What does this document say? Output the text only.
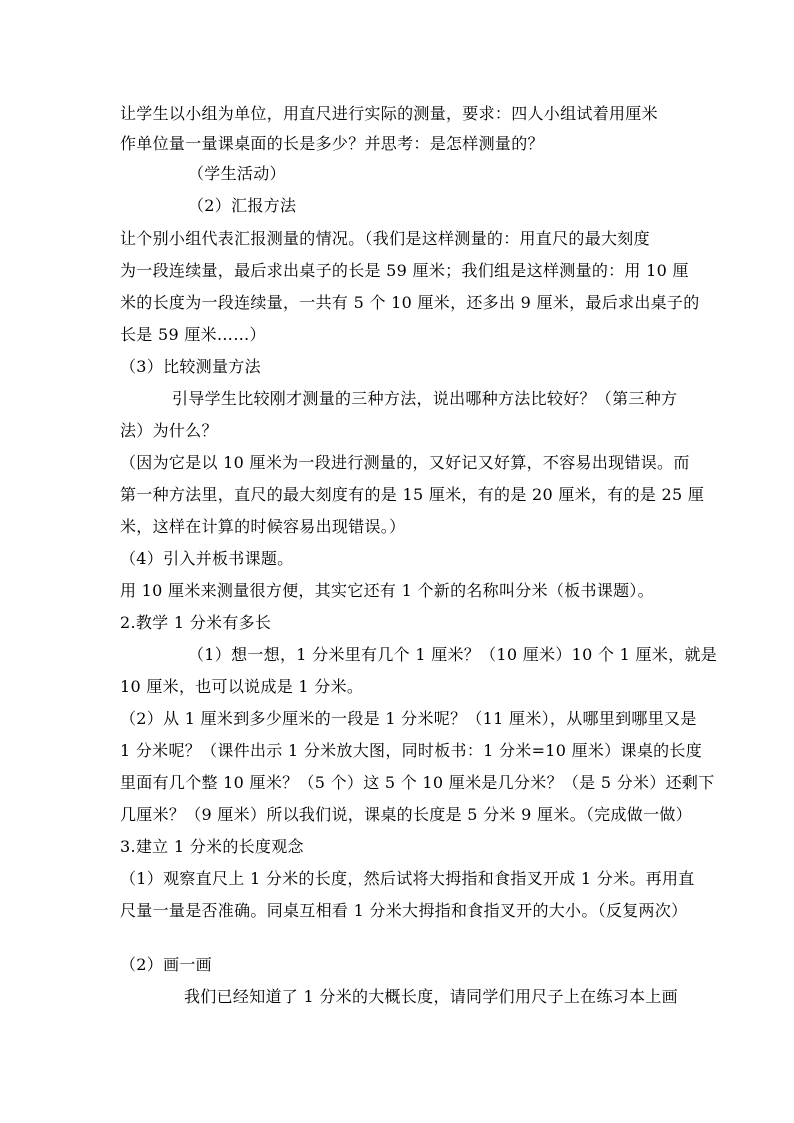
让学生以小组为单位，用直尺进行实际的测量，要求：四人小组试着用厘米
作单位量一量课桌面的长是多少？并思考：是怎样测量的？
（学生活动）
（2）汇报方法
让个别小组代表汇报测量的情况。（我们是这样测量的：用直尺的最大刻度
为一段连续量，最后求出桌子的长是 59 厘米；我们组是这样测量的：用 10 厘
米的长度为一段连续量，一共有 5 个 10 厘米，还多出 9 厘米，最后求出桌子的
长是 59 厘米……）
（3）比较测量方法
引导学生比较刚才测量的三种方法，说出哪种方法比较好？（第三种方
法）为什么？
（因为它是以 10 厘米为一段进行测量的，又好记又好算，不容易出现错误。而
第一种方法里，直尺的最大刻度有的是 15 厘米，有的是 20 厘米，有的是 25 厘
米，这样在计算的时候容易出现错误。）
（4）引入并板书课题。
用 10 厘米来测量很方便，其实它还有 1 个新的名称叫分米（板书课题）。
2.教学 1 分米有多长
（1）想一想，1 分米里有几个 1 厘米？（10 厘米）10 个 1 厘米，就是
10 厘米，也可以说成是 1 分米。
（2）从 1 厘米到多少厘米的一段是 1 分米呢？（11 厘米），从哪里到哪里又是
1 分米呢？（课件出示 1 分米放大图，同时板书：1 分米=10 厘米）课桌的长度
里面有几个整 10 厘米？（5 个）这 5 个 10 厘米是几分米？（是 5 分米）还剩下
几厘米？（9 厘米）所以我们说，课桌的长度是 5 分米 9 厘米。（完成做一做）
3.建立 1 分米的长度观念
（1）观察直尺上 1 分米的长度，然后试将大拇指和食指叉开成 1 分米。再用直
尺量一量是否准确。同桌互相看 1 分米大拇指和食指叉开的大小。（反复两次）
（2）画一画
我们已经知道了 1 分米的大概长度，请同学们用尺子上在练习本上画
